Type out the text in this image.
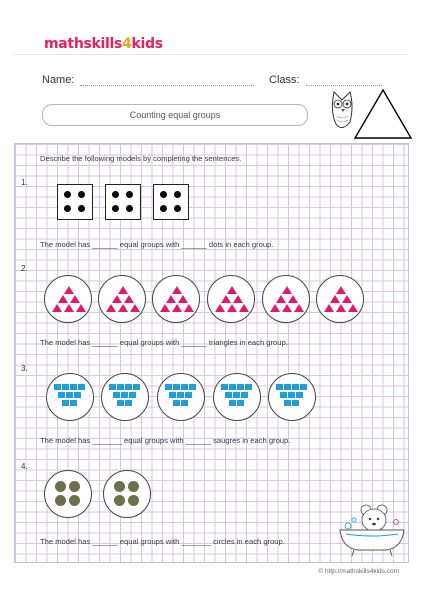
mathskills4kids
Name:	Class:
Counting equal groups
Describe the following models by completing the sentences.
1.
The model has ______ equal groups with ______ dots in each group.
2.
The model has ______ equal groups with ______ triangles in each group.
3.
The model has _______ equal groups with ______ saugres in each group.
4.
The model has ______ equal groups with _______ circles in each group.
© http://mathskills4kids.com
